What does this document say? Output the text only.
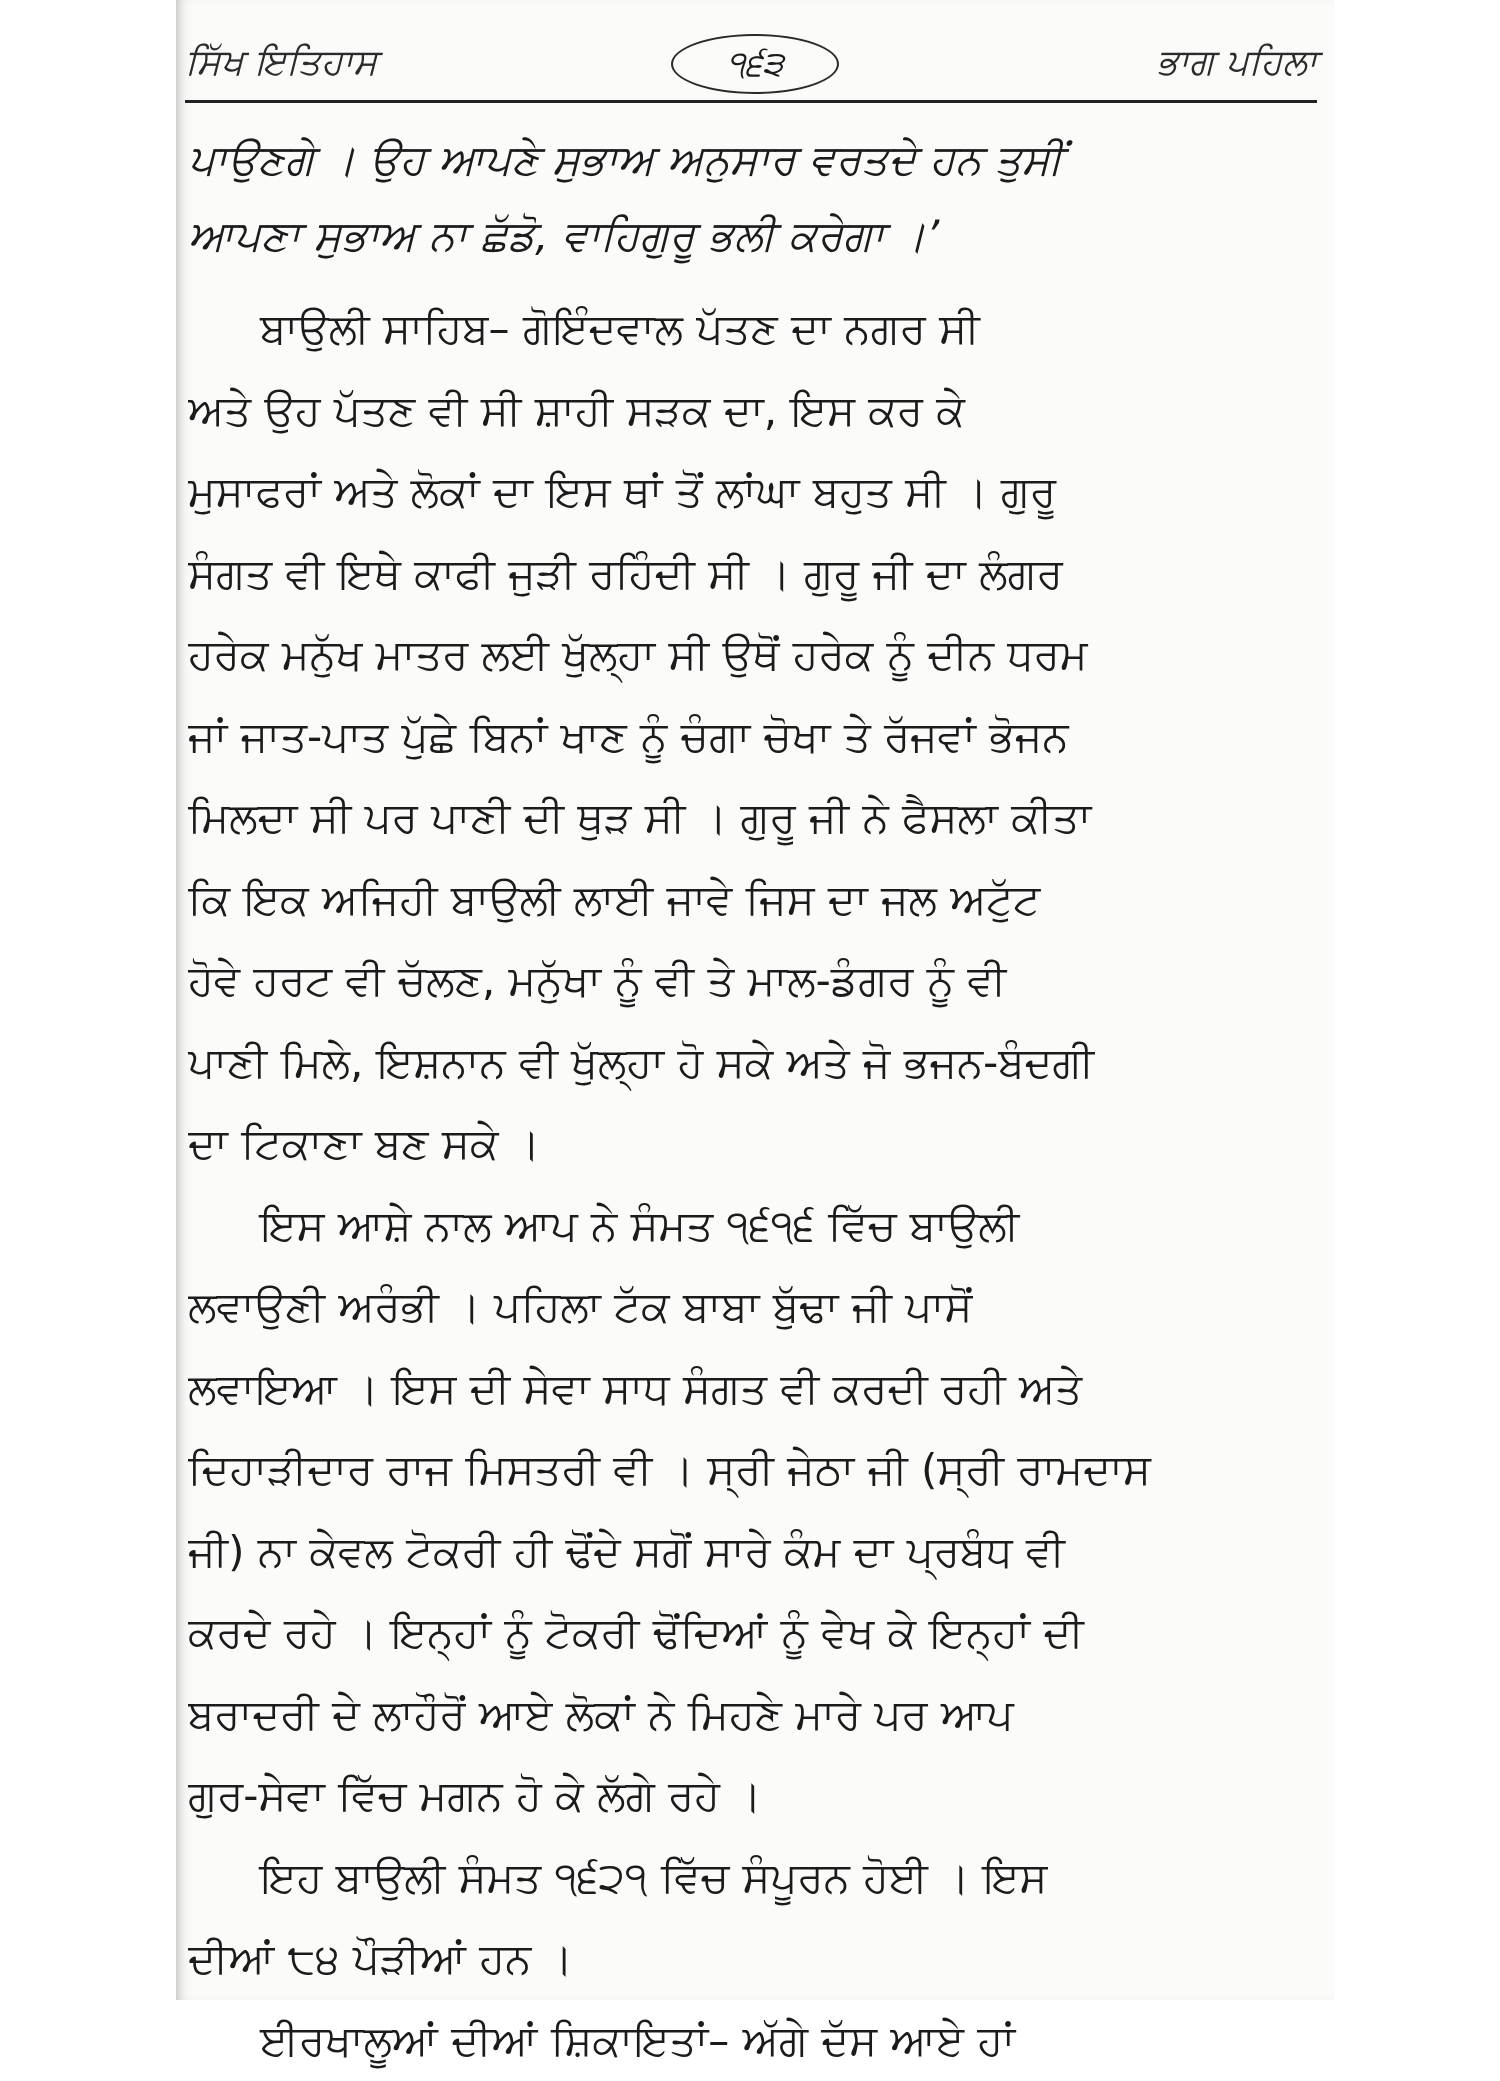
ਸਿੱਖ ਇਤਿਹਾਸ	੧੬੩	ਭਾਗ ਪਹਿਲਾ
ਪਾਉਣਗੇ । ਉਹ ਆਪਣੇ ਸੁਭਾਅ ਅਨੁਸਾਰ ਵਰਤਦੇ ਹਨ ਤੁਸੀਂ
ਆਪਣਾ ਸੁਭਾਅ ਨਾ ਛੱਡੋ, ਵਾਹਿਗੁਰੂ ਭਲੀ ਕਰੇਗਾ ।’
ਬਾਉਲੀ ਸਾਹਿਬ– ਗੋਇੰਦਵਾਲ ਪੱਤਣ ਦਾ ਨਗਰ ਸੀ
ਅਤੇ ਉਹ ਪੱਤਣ ਵੀ ਸੀ ਸ਼ਾਹੀ ਸੜਕ ਦਾ, ਇਸ ਕਰ ਕੇ
ਮੁਸਾਫਰਾਂ ਅਤੇ ਲੋਕਾਂ ਦਾ ਇਸ ਥਾਂ ਤੋਂ ਲਾਂਘਾ ਬਹੁਤ ਸੀ । ਗੁਰੂ
ਸੰਗਤ ਵੀ ਇਥੇ ਕਾਫੀ ਜੁੜੀ ਰਹਿੰਦੀ ਸੀ । ਗੁਰੂ ਜੀ ਦਾ ਲੰਗਰ
ਹਰੇਕ ਮਨੁੱਖ ਮਾਤਰ ਲਈ ਖੁੱਲ੍ਹਾ ਸੀ ਉਥੋਂ ਹਰੇਕ ਨੂੰ ਦੀਨ ਧਰਮ
ਜਾਂ ਜਾਤ-ਪਾਤ ਪੁੱਛੇ ਬਿਨਾਂ ਖਾਣ ਨੂੰ ਚੰਗਾ ਚੋਖਾ ਤੇ ਰੱਜਵਾਂ ਭੋਜਨ
ਮਿਲਦਾ ਸੀ ਪਰ ਪਾਣੀ ਦੀ ਥੁੜ ਸੀ । ਗੁਰੂ ਜੀ ਨੇ ਫੈਸਲਾ ਕੀਤਾ
ਕਿ ਇਕ ਅਜਿਹੀ ਬਾਉਲੀ ਲਾਈ ਜਾਵੇ ਜਿਸ ਦਾ ਜਲ ਅਟੁੱਟ
ਹੋਵੇ ਹਰਟ ਵੀ ਚੱਲਣ, ਮਨੁੱਖਾ ਨੂੰ ਵੀ ਤੇ ਮਾਲ-ਡੰਗਰ ਨੂੰ ਵੀ
ਪਾਣੀ ਮਿਲੇ, ਇਸ਼ਨਾਨ ਵੀ ਖੁੱਲ੍ਹਾ ਹੋ ਸਕੇ ਅਤੇ ਜੋ ਭਜਨ-ਬੰਦਗੀ
ਦਾ ਟਿਕਾਣਾ ਬਣ ਸਕੇ ।
ਇਸ ਆਸ਼ੇ ਨਾਲ ਆਪ ਨੇ ਸੰਮਤ ੧੬੧੬ ਵਿੱਚ ਬਾਉਲੀ
ਲਵਾਉਣੀ ਅਰੰਭੀ । ਪਹਿਲਾ ਟੱਕ ਬਾਬਾ ਬੁੱਢਾ ਜੀ ਪਾਸੋਂ
ਲਵਾਇਆ । ਇਸ ਦੀ ਸੇਵਾ ਸਾਧ ਸੰਗਤ ਵੀ ਕਰਦੀ ਰਹੀ ਅਤੇ
ਦਿਹਾੜੀਦਾਰ ਰਾਜ ਮਿਸਤਰੀ ਵੀ । ਸ੍ਰੀ ਜੇਠਾ ਜੀ (ਸ੍ਰੀ ਰਾਮਦਾਸ
ਜੀ) ਨਾ ਕੇਵਲ ਟੋਕਰੀ ਹੀ ਢੋਂਦੇ ਸਗੋਂ ਸਾਰੇ ਕੰਮ ਦਾ ਪ੍ਰਬੰਧ ਵੀ
ਕਰਦੇ ਰਹੇ । ਇਨ੍ਹਾਂ ਨੂੰ ਟੋਕਰੀ ਢੋਂਦਿਆਂ ਨੂੰ ਵੇਖ ਕੇ ਇਨ੍ਹਾਂ ਦੀ
ਬਰਾਦਰੀ ਦੇ ਲਾਹੌਰੋਂ ਆਏ ਲੋਕਾਂ ਨੇ ਮਿਹਣੇ ਮਾਰੇ ਪਰ ਆਪ
ਗੁਰ-ਸੇਵਾ ਵਿੱਚ ਮਗਨ ਹੋ ਕੇ ਲੱਗੇ ਰਹੇ ।
ਇਹ ਬਾਉਲੀ ਸੰਮਤ ੧੬੨੧ ਵਿੱਚ ਸੰਪੂਰਨ ਹੋਈ । ਇਸ
ਦੀਆਂ ੮੪ ਪੌੜੀਆਂ ਹਨ ।
ਈਰਖਾਲੂਆਂ ਦੀਆਂ ਸ਼ਿਕਾਇਤਾਂ– ਅੱਗੇ ਦੱਸ ਆਏ ਹਾਂ
